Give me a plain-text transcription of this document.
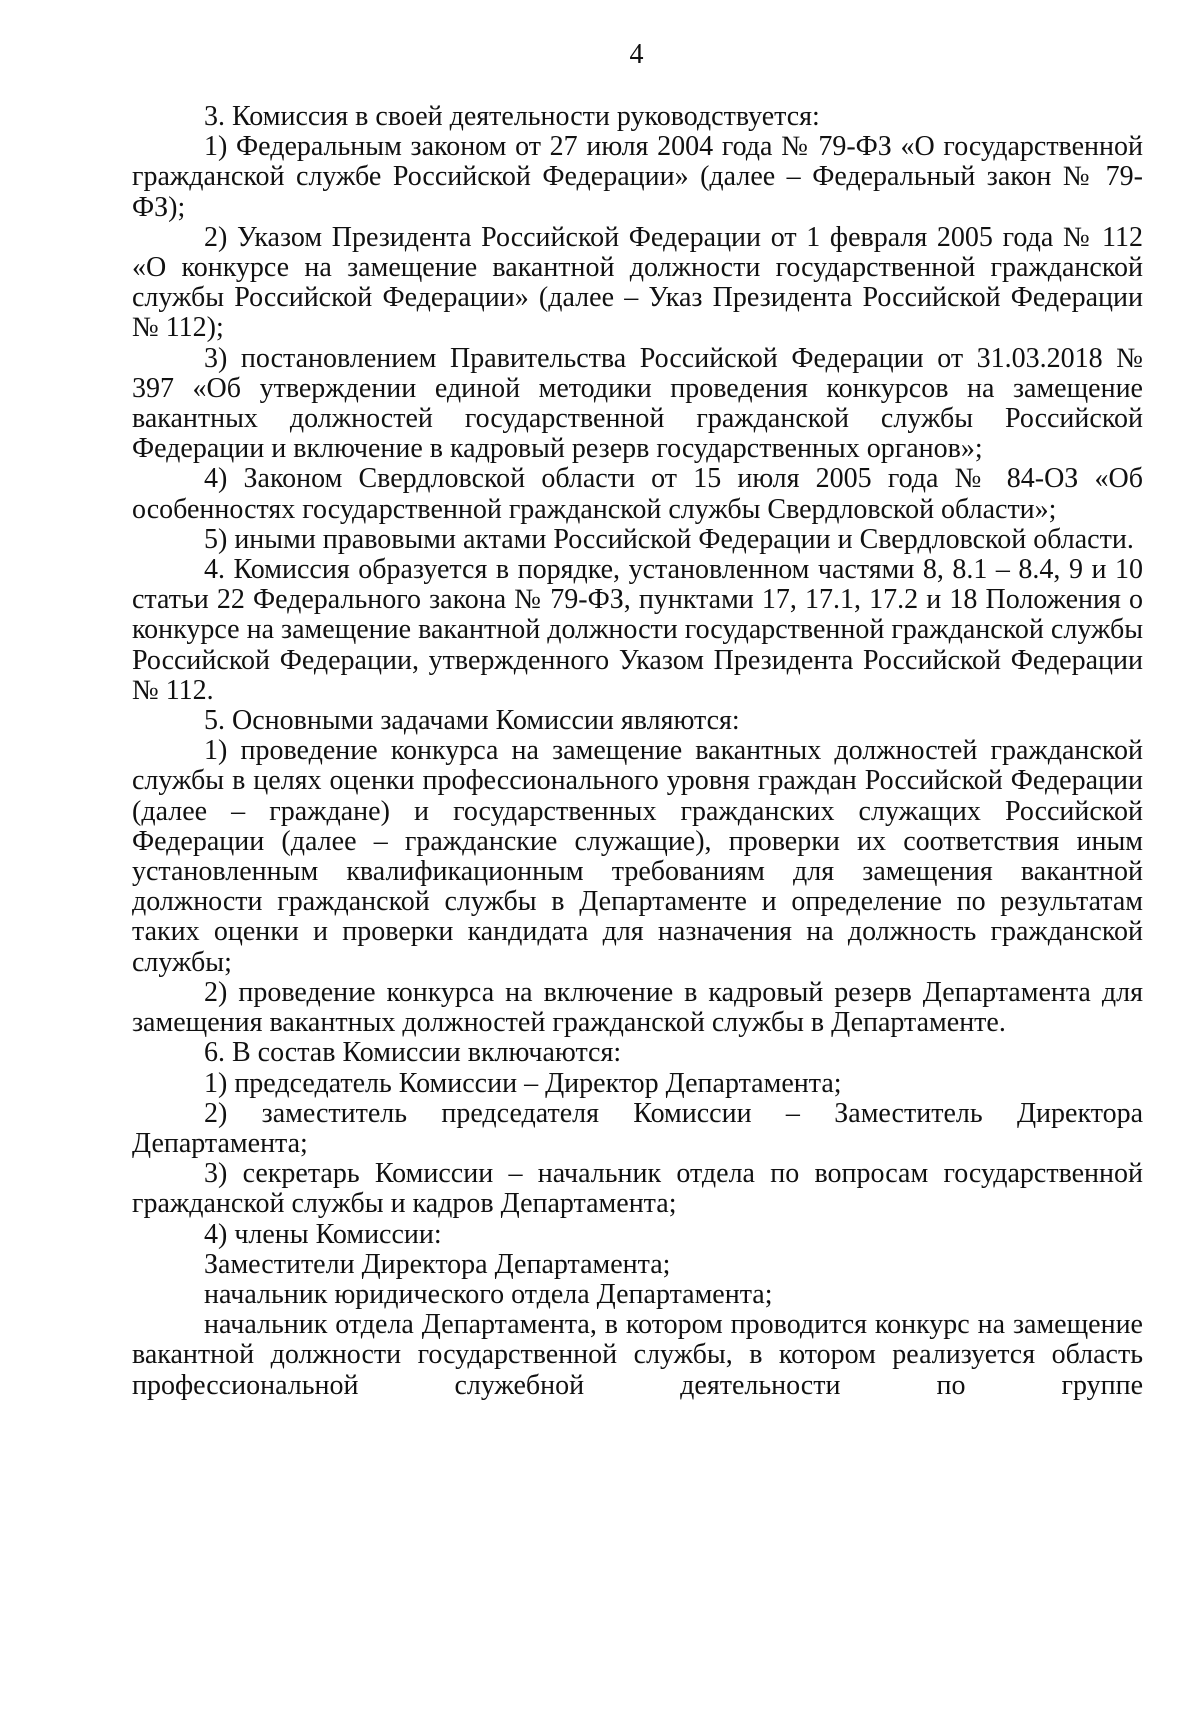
4

3. Комиссия в своей деятельности руководствуется:

1) Федеральным законом от 27 июля 2004 года № 79-ФЗ «О государственной гражданской службе Российской Федерации» (далее – Федеральный закон № 79-ФЗ);

2) Указом Президента Российской Федерации от 1 февраля 2005 года № 112 «О конкурсе на замещение вакантной должности государственной гражданской службы Российской Федерации» (далее – Указ Президента Российской Федерации № 112);

3) постановлением Правительства Российской Федерации от 31.03.2018 № 397 «Об утверждении единой методики проведения конкурсов на замещение вакантных должностей государственной гражданской службы Российской Федерации и включение в кадровый резерв государственных органов»;

4) Законом Свердловской области от 15 июля 2005 года № 84-ОЗ «Об особенностях государственной гражданской службы Свердловской области»;

5) иными правовыми актами Российской Федерации и Свердловской области.

4. Комиссия образуется в порядке, установленном частями 8, 8.1 – 8.4, 9 и 10 статьи 22 Федерального закона № 79-ФЗ, пунктами 17, 17.1, 17.2 и 18 Положения о конкурсе на замещение вакантной должности государственной гражданской службы Российской Федерации, утвержденного Указом Президента Российской Федерации № 112.

5. Основными задачами Комиссии являются:

1) проведение конкурса на замещение вакантных должностей гражданской службы в целях оценки профессионального уровня граждан Российской Федерации (далее – граждане) и государственных гражданских служащих Российской Федерации (далее – гражданские служащие), проверки их соответствия иным установленным квалификационным требованиям для замещения вакантной должности гражданской службы в Департаменте и определение по результатам таких оценки и проверки кандидата для назначения на должность гражданской службы;

2) проведение конкурса на включение в кадровый резерв Департамента для замещения вакантных должностей гражданской службы в Департаменте.

6. В состав Комиссии включаются:

1) председатель Комиссии – Директор Департамента;

2) заместитель председателя Комиссии – Заместитель Директора Департамента;

3) секретарь Комиссии – начальник отдела по вопросам государственной гражданской службы и кадров Департамента;

4) члены Комиссии:

Заместители Директора Департамента;

начальник юридического отдела Департамента;

начальник отдела Департамента, в котором проводится конкурс на замещение вакантной должности государственной службы, в котором реализуется область профессиональной служебной деятельности по группе
